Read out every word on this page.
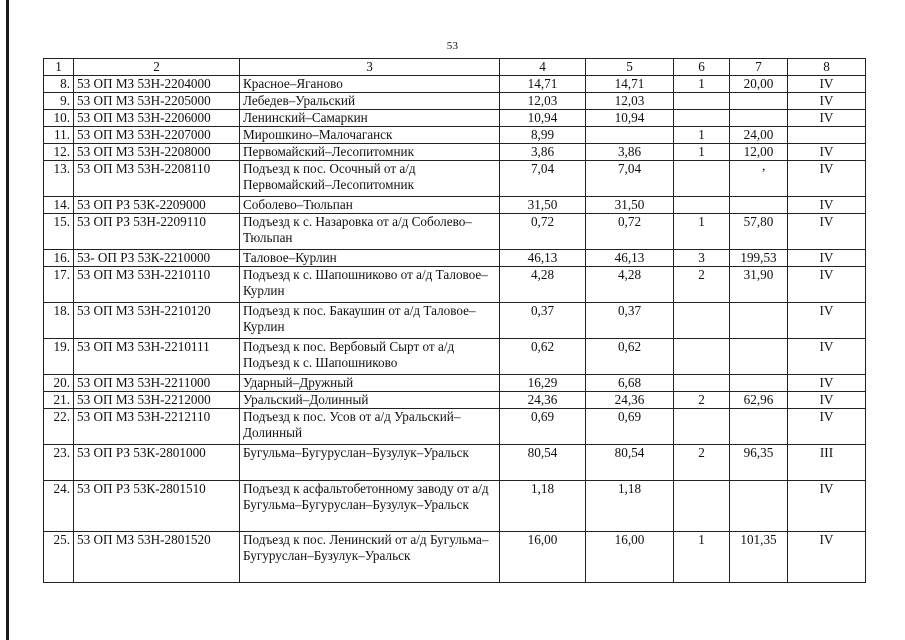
53
,
1	2	3	4	5	6	7	8
8.	53 ОП МЗ 53Н-2204000	Красное–Яганово	14,71	14,71	1	20,00	IV
9.	53 ОП МЗ 53Н-2205000	Лебедев–Уральский	12,03	12,03			IV
10.	53 ОП МЗ 53Н-2206000	Ленинский–Самаркин	10,94	10,94			IV
11.	53 ОП МЗ 53Н-2207000	Мирошкино–Малочаганск	8,99		1	24,00	
12.	53 ОП МЗ 53Н-2208000	Первомайский–Лесопитомник	3,86	3,86	1	12,00	IV
13.	53 ОП МЗ 53Н-2208110	Подъезд к пос. Осочный от а/д Первомайский–Лесопитомник	7,04	7,04			IV
14.	53 ОП РЗ 53К-2209000	Соболево–Тюльпан	31,50	31,50			IV
15.	53 ОП РЗ 53Н-2209110	Подъезд к с. Назаровка от а/д Соболево–Тюльпан	0,72	0,72	1	57,80	IV
16.	53- ОП РЗ 53К-2210000	Таловое–Курлин	46,13	46,13	3	199,53	IV
17.	53 ОП МЗ 53Н-2210110	Подъезд к с. Шапошниково от а/д Таловое–Курлин	4,28	4,28	2	31,90	IV
18.	53 ОП МЗ 53Н-2210120	Подъезд к пос. Бакаушин от а/д Таловое–Курлин	0,37	0,37			IV
19.	53 ОП МЗ 53Н-2210111	Подъезд к пос. Вербовый Сырт от а/д Подъезд к с. Шапошниково	0,62	0,62			IV
20.	53 ОП МЗ 53Н-2211000	Ударный–Дружный	16,29	6,68			IV
21.	53 ОП МЗ 53Н-2212000	Уральский–Долинный	24,36	24,36	2	62,96	IV
22.	53 ОП МЗ 53Н-2212110	Подъезд к пос. Усов от а/д Уральский–Долинный	0,69	0,69			IV
23.	53 ОП РЗ 53К-2801000	Бугульма–Бугуруслан–Бузулук–Уральск	80,54	80,54	2	96,35	III
24.	53 ОП РЗ 53К-2801510	Подъезд к асфальтобетонному заводу от а/д Бугульма–Бугуруслан–Бузулук–Уральск	1,18	1,18			IV
25.	53 ОП МЗ 53Н-2801520	Подъезд к пос. Ленинский от а/д Бугульма–Бугуруслан–Бузулук–Уральск	16,00	16,00	1	101,35	IV
